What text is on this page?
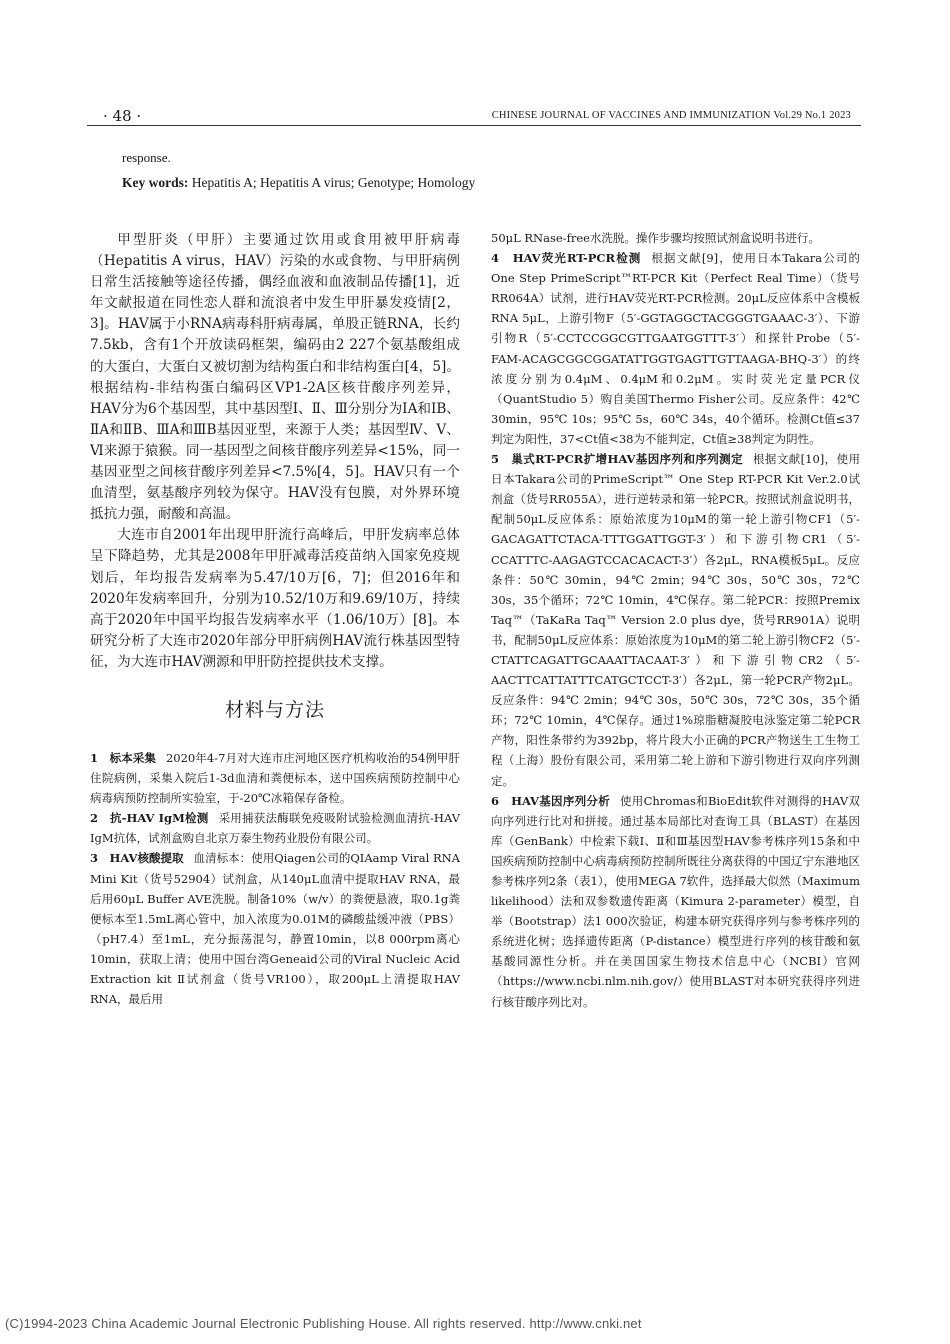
· 48 ·	CHINESE JOURNAL OF VACCINES AND IMMUNIZATION Vol.29 No.1 2023
response.
Key words: Hepatitis A; Hepatitis A virus; Genotype; Homology

甲型肝炎（甲肝）主要通过饮用或食用被甲肝病毒（Hepatitis A virus，HAV）污染的水或食物、与甲肝病例日常生活接触等途径传播，偶经血液和血液制品传播[1]，近年文献报道在同性恋人群和流浪者中发生甲肝暴发疫情[2，3]。HAV属于小RNA病毒科肝病毒属，单股正链RNA，长约7.5kb，含有1个开放读码框架，编码由2 227个氨基酸组成的大蛋白，大蛋白又被切割为结构蛋白和非结构蛋白[4，5]。根据结构-非结构蛋白编码区VP1-2A区核苷酸序列差异，HAV分为6个基因型，其中基因型Ⅰ、Ⅱ、Ⅲ分别分为ⅠA和ⅠB、ⅡA和ⅡB、ⅢA和ⅢB基因亚型，来源于人类；基因型Ⅳ、Ⅴ、Ⅵ来源于猿猴。同一基因型之间核苷酸序列差异<15%，同一基因亚型之间核苷酸序列差异<7.5%[4，5]。HAV只有一个血清型，氨基酸序列较为保守。HAV没有包膜，对外界环境抵抗力强，耐酸和高温。

大连市自2001年出现甲肝流行高峰后，甲肝发病率总体呈下降趋势，尤其是2008年甲肝减毒活疫苗纳入国家免疫规划后，年均报告发病率为5.47/10万[6，7]；但2016年和2020年发病率回升，分别为10.52/10万和9.69/10万，持续高于2020年中国平均报告发病率水平（1.06/10万）[8]。本研究分析了大连市2020年部分甲肝病例HAV流行株基因型特征，为大连市HAV溯源和甲肝防控提供技术支撑。

材料与方法

1　标本采集 2020年4-7月对大连市庄河地区医疗机构收治的54例甲肝住院病例，采集入院后1-3d血清和粪便标本，送中国疾病预防控制中心病毒病预防控制所实验室，于-20℃冰箱保存备检。

2　抗-HAV IgM检测 采用捕获法酶联免疫吸附试验检测血清抗-HAV IgM抗体，试剂盒购自北京万泰生物药业股份有限公司。

3　HAV核酸提取 血清标本：使用Qiagen公司的QIAamp Viral RNA Mini Kit（货号52904）试剂盒，从140μL血清中提取HAV RNA，最后用60μL Buffer AVE洗脱。制备10%（w/v）的粪便悬液，取0.1g粪便标本至1.5mL离心管中，加入浓度为0.01M的磷酸盐缓冲液（PBS）（pH7.4）至1mL，充分振荡混匀，静置10min，以8 000rpm离心10min，获取上清；使用中国台湾Geneaid公司的Viral Nucleic Acid Extraction kit Ⅱ试剂盒（货号VR100），取200μL上清提取HAV RNA，最后用

50μL RNase-free水洗脱。操作步骤均按照试剂盒说明书进行。

4　HAV荧光RT-PCR检测 根据文献[9]，使用日本Takara公司的One Step PrimeScript™RT-PCR Kit（Perfect Real Time）（货号RR064A）试剂，进行HAV荧光RT-PCR检测。20μL反应体系中含模板RNA 5μL，上游引物F（5′-GGTAGGCTACGGGTGAAAC-3′）、下游引物R（5′-CCTCCGGCGTTGAATGGTTT-3′）和探针Probe（5′-FAM-ACAGCGGCGGATATTGGTGAGTTGTTAAGA-BHQ-3′）的终浓度分别为0.4μM、0.4μM和0.2μM。实时荧光定量PCR仪（QuantStudio 5）购自美国Thermo Fisher公司。反应条件：42℃ 30min，95℃ 10s；95℃ 5s，60℃ 34s，40个循环。检测Ct值≤37判定为阳性，37<Ct值<38为不能判定，Ct值≥38判定为阴性。

5　巢式RT-PCR扩增HAV基因序列和序列测定 根据文献[10]，使用日本Takara公司的PrimeScript™ One Step RT-PCR Kit Ver.2.0试剂盒（货号RR055A），进行逆转录和第一轮PCR。按照试剂盒说明书，配制50μL反应体系：原始浓度为10μM的第一轮上游引物CF1（5′-GACAGATTCTACA-TTTGGATTGGT-3′）和下游引物CR1（5′-CCATTTC-AAGAGTCCACACACT-3′）各2μL，RNA模板5μL。反应条件：50℃ 30min，94℃ 2min；94℃ 30s，50℃ 30s，72℃ 30s，35个循环；72℃ 10min，4℃保存。第二轮PCR：按照Premix Taq™（TaKaRa Taq™ Version 2.0 plus dye，货号RR901A）说明书，配制50μL反应体系：原始浓度为10μM的第二轮上游引物CF2（5′-CTATTCAGATTGCAAATTACAAT-3′）和下游引物CR2（5′-AACTTCATTATTTCATGCTCCT-3′）各2μL，第一轮PCR产物2μL。反应条件：94℃ 2min；94℃ 30s，50℃ 30s，72℃ 30s，35个循环；72℃ 10min，4℃保存。通过1%琼脂糖凝胶电泳鉴定第二轮PCR产物，阳性条带约为392bp，将片段大小正确的PCR产物送生工生物工程（上海）股份有限公司，采用第二轮上游和下游引物进行双向序列测定。

6　HAV基因序列分析 使用Chromas和BioEdit软件对测得的HAV双向序列进行比对和拼接。通过基本局部比对查询工具（BLAST）在基因库（GenBank）中检索下载Ⅰ、Ⅱ和Ⅲ基因型HAV参考株序列15条和中国疾病预防控制中心病毒病预防控制所既往分离获得的中国辽宁东港地区参考株序列2条（表1），使用MEGA 7软件，选择最大似然（Maximum likelihood）法和双参数遗传距离（Kimura 2-parameter）模型，自举（Bootstrap）法1 000次验证，构建本研究获得序列与参考株序列的系统进化树；选择遗传距离（P-distance）模型进行序列的核苷酸和氨基酸同源性分析。并在美国国家生物技术信息中心（NCBI）官网（https://www.ncbi.nlm.nih.gov/）使用BLAST对本研究获得序列进行核苷酸序列比对。

(C)1994-2023 China Academic Journal Electronic Publishing House. All rights reserved. http://www.cnki.net
